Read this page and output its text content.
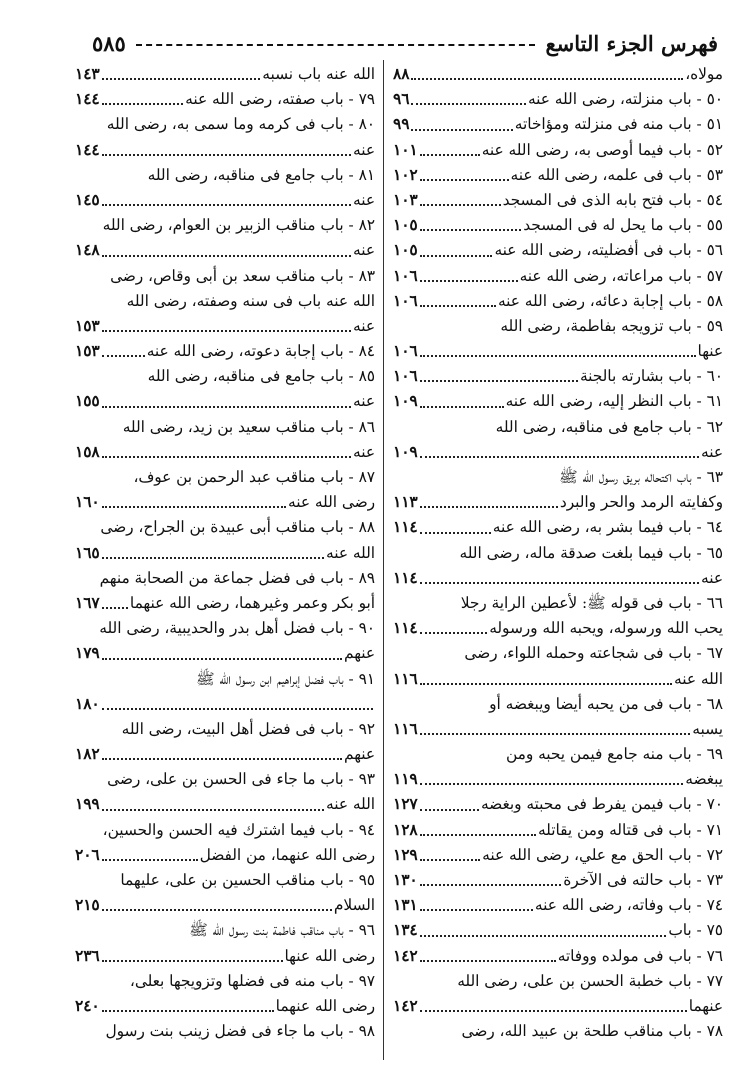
فهرس الجزء التاسع
٥٨٥
مولاه،
٨٨
٥٠ - باب منزلته، رضى الله عنه
٩٦
٥١ - باب منه فى منزلته ومؤاخاته
٩٩
٥٢ - باب فيما أوصى به، رضى الله عنه
١٠١
٥٣ - باب فى علمه، رضى الله عنه
١٠٢
٥٤ - باب فتح بابه الذى فى المسجد
١٠٣
٥٥ - باب ما يحل له فى المسجد
١٠٥
٥٦ - باب فى أفضليته، رضى الله عنه
١٠٥
٥٧ - باب مراعاته، رضى الله عنه
١٠٦
٥٨ - باب إجابة دعائه، رضى الله عنه
١٠٦
٥٩ - باب تزويجه بفاطمة، رضى الله
عنها
١٠٦
٦٠ - باب بشارته بالجنة
١٠٦
٦١ - باب النظر إليه، رضى الله عنه
١٠٩
٦٢ - باب جامع فى مناقبه، رضى الله
عنه
١٠٩
٦٣ - باب اكتحاله بريق رسول الله ﷺ
وكفايته الرمد والحر والبرد
١١٣
٦٤ - باب فيما بشر به، رضى الله عنه
١١٤
٦٥ - باب فيما بلغت صدقة ماله، رضى الله
عنه
١١٤
٦٦ - باب فى قوله ﷺ: لأعطين الراية رجلا
يحب الله ورسوله، ويحبه الله ورسوله
١١٤
٦٧ - باب فى شجاعته وحمله اللواء، رضى
الله عنه
١١٦
٦٨ - باب فى من يحبه أيضا ويبغضه أو
يسبه
١١٦
٦٩ - باب منه جامع فيمن يحبه ومن
يبغضه
١١٩
٧٠ - باب فيمن يفرط فى محبته وبغضه
١٢٧
٧١ - باب فى قتاله ومن يقاتله
١٢٨
٧٢ - باب الحق مع علي، رضى الله عنه
١٢٩
٧٣ - باب حالته فى الآخرة
١٣٠
٧٤ - باب وفاته، رضى الله عنه
١٣١
٧٥ - باب
١٣٤
٧٦ - باب فى مولده ووفاته
١٤٢
٧٧ - باب خطبة الحسن بن على، رضى الله
عنهما
١٤٢
٧٨ - باب مناقب طلحة بن عبيد الله، رضى
الله عنه باب نسبه
١٤٣
٧٩ - باب صفته، رضى الله عنه
١٤٤
٨٠ - باب فى كرمه وما سمى به، رضى الله
عنه
١٤٤
٨١ - باب جامع فى مناقبه، رضى الله
عنه
١٤٥
٨٢ - باب مناقب الزبير بن العوام، رضى الله
عنه
١٤٨
٨٣ - باب مناقب سعد بن أبى وقاص، رضى
الله عنه باب فى سنه وصفته، رضى الله
عنه
١٥٣
٨٤ - باب إجابة دعوته، رضى الله عنه
١٥٣
٨٥ - باب جامع فى مناقبه، رضى الله
عنه
١٥٥
٨٦ - باب مناقب سعيد بن زيد، رضى الله
عنه
١٥٨
٨٧ - باب مناقب عبد الرحمن بن عوف،
رضى الله عنه
١٦٠
٨٨ - باب مناقب أبى عبيدة بن الجراح، رضى
الله عنه
١٦٥
٨٩ - باب فى فضل جماعة من الصحابة منهم
أبو بكر وعمر وغيرهما، رضى الله عنهما
١٦٧
٩٠ - باب فضل أهل بدر والحديبية، رضى الله
عنهم
١٧٩
٩١ - باب فضل إبراهيم ابن رسول الله ﷺ
١٨٠
٩٢ - باب فى فضل أهل البيت، رضى الله
عنهم
١٨٢
٩٣ - باب ما جاء فى الحسن بن على، رضى
الله عنه
١٩٩
٩٤ - باب فيما اشترك فيه الحسن والحسين،
رضى الله عنهما، من الفضل
٢٠٦
٩٥ - باب مناقب الحسين بن على، عليهما
السلام
٢١٥
٩٦ - باب مناقب فاطمة بنت رسول الله ﷺ
رضى الله عنها
٢٣٦
٩٧ - باب منه فى فضلها وتزويجها بعلى،
رضى الله عنهما
٢٤٠
٩٨ - باب ما جاء فى فضل زينب بنت رسول
